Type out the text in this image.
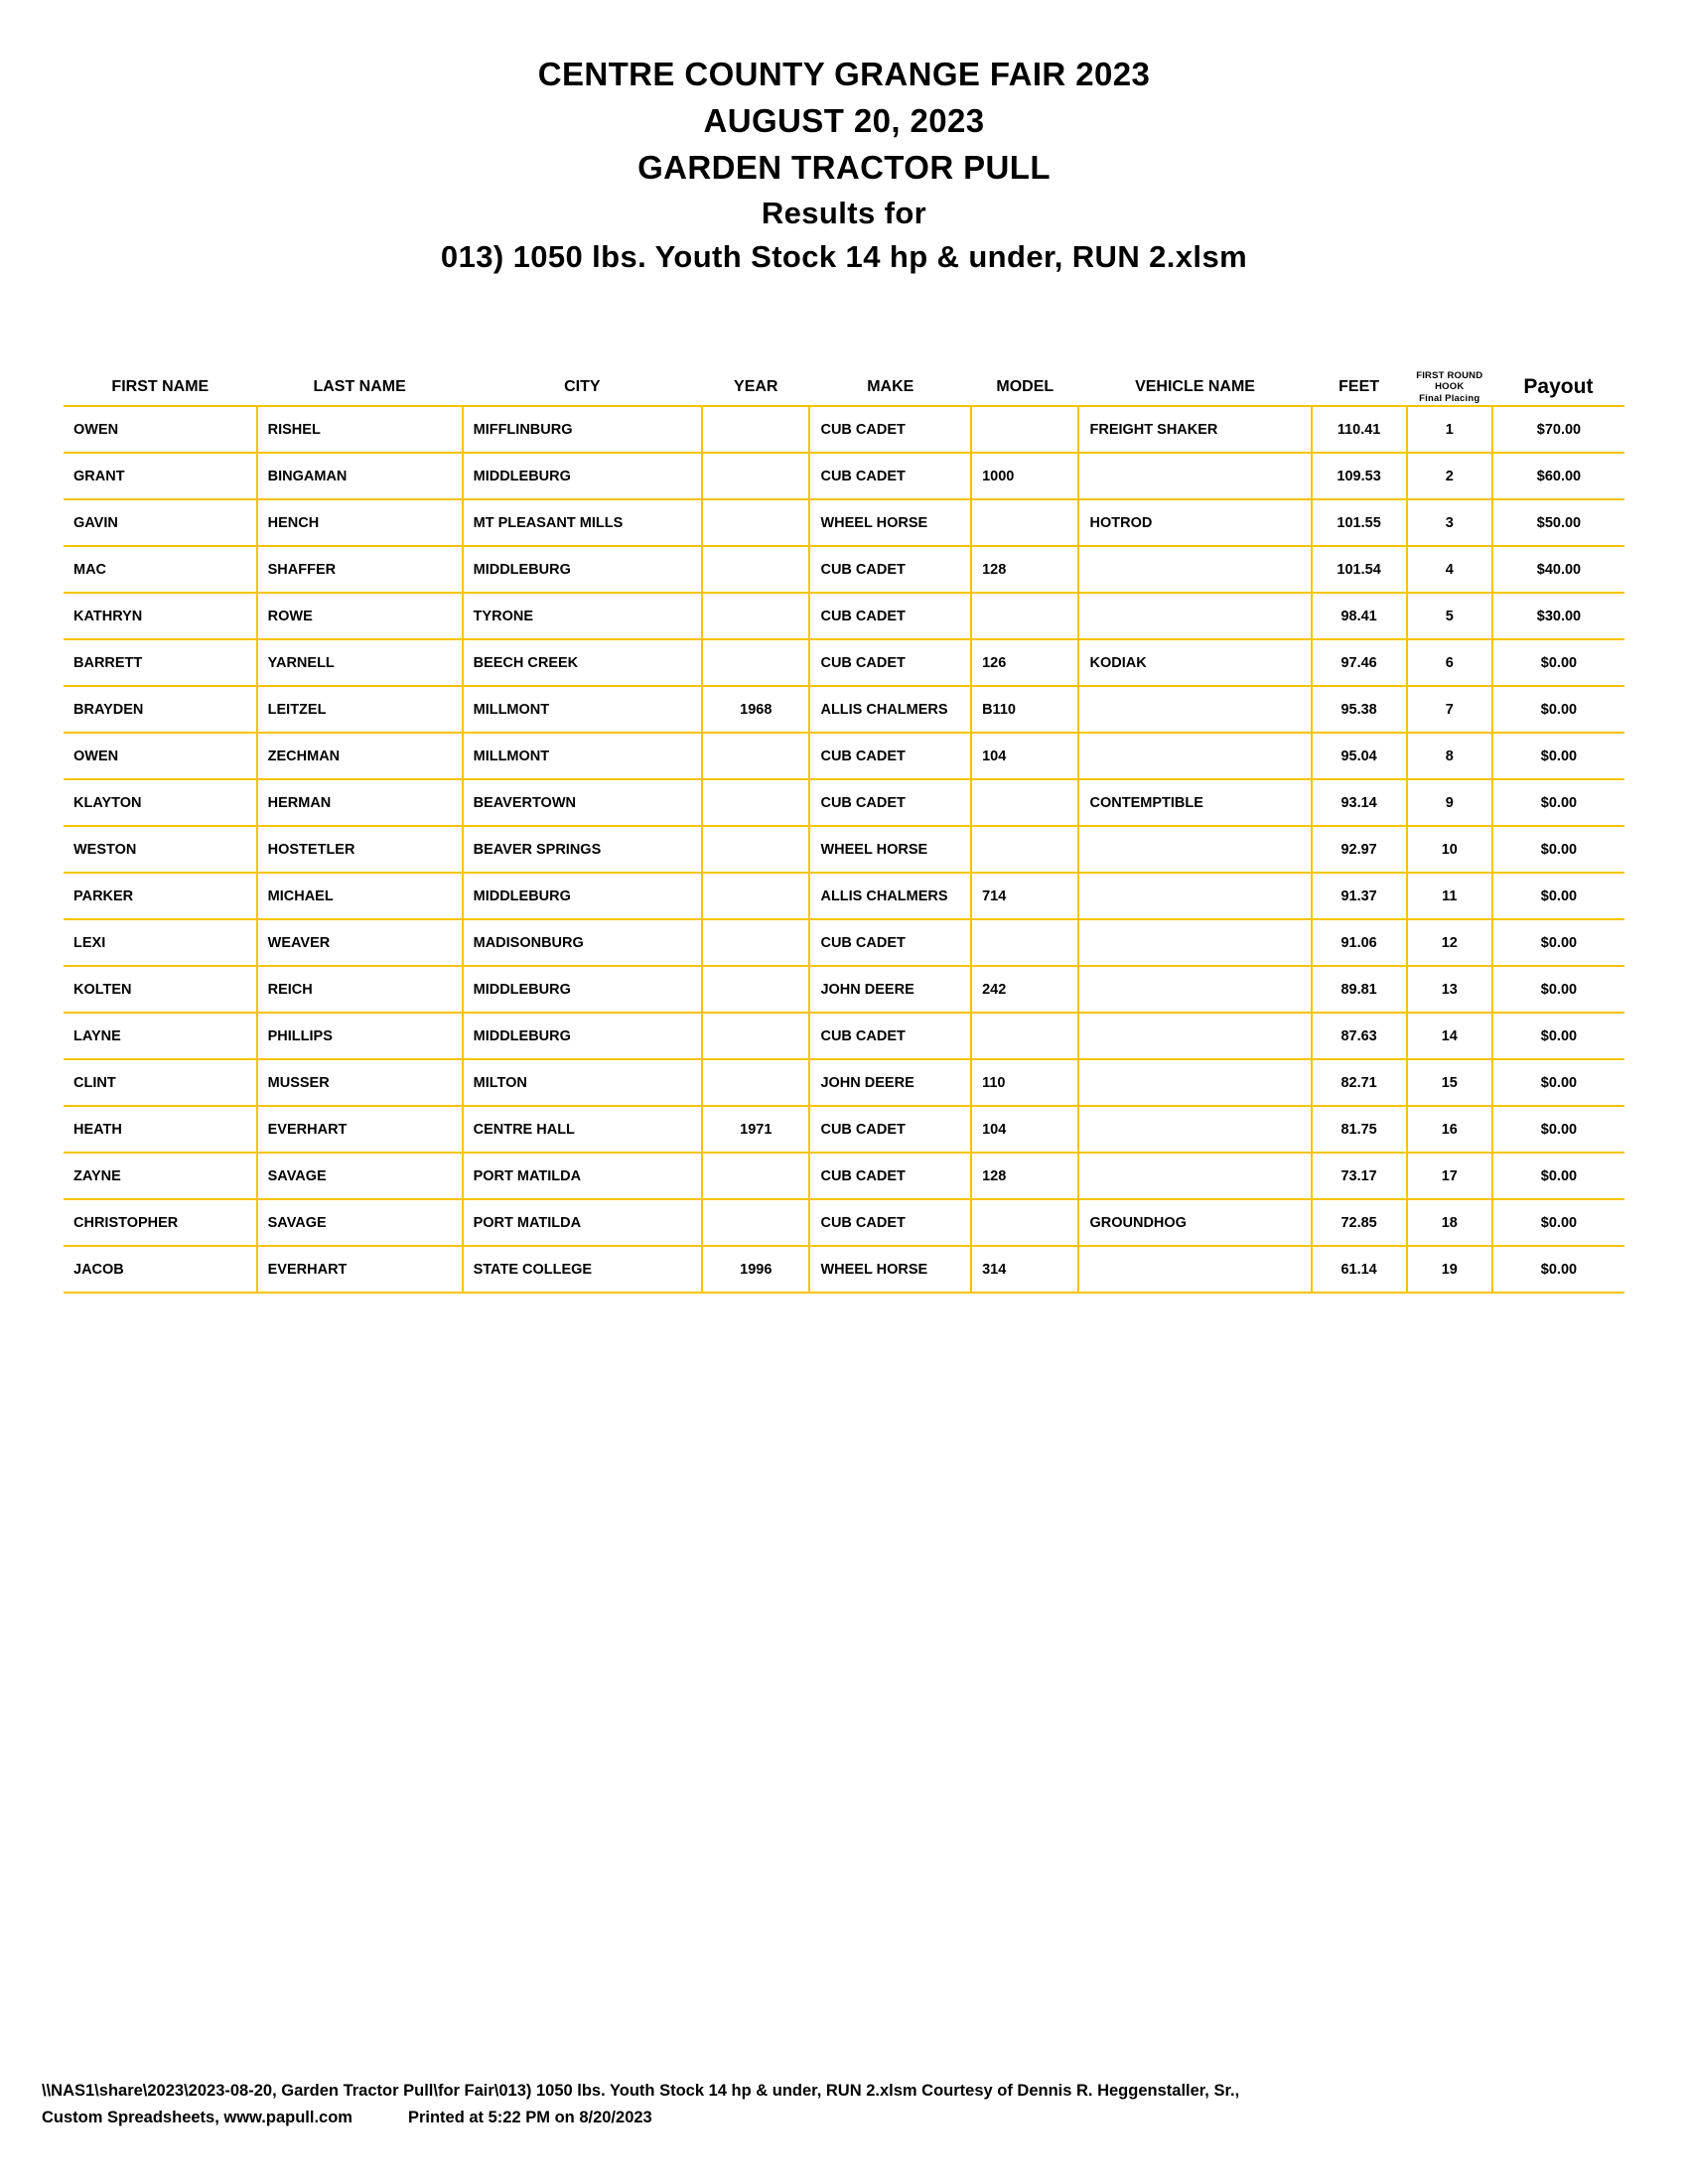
CENTRE COUNTY GRANGE FAIR 2023
AUGUST 20, 2023
GARDEN TRACTOR PULL
Results for
013) 1050 lbs. Youth Stock 14 hp & under, RUN 2.xlsm
FIRST NAME	LAST NAME	CITY	YEAR	MAKE	MODEL	VEHICLE NAME	FEET	FIRST ROUND
HOOK
Final Placing	Payout
OWEN	RISHEL	MIFFLINBURG		CUB CADET		FREIGHT SHAKER	110.41	1	$70.00
GRANT	BINGAMAN	MIDDLEBURG		CUB CADET	1000		109.53	2	$60.00
GAVIN	HENCH	MT PLEASANT MILLS		WHEEL HORSE		HOTROD	101.55	3	$50.00
MAC	SHAFFER	MIDDLEBURG		CUB CADET	128		101.54	4	$40.00
KATHRYN	ROWE	TYRONE		CUB CADET			98.41	5	$30.00
BARRETT	YARNELL	BEECH CREEK		CUB CADET	126	KODIAK	97.46	6	$0.00
BRAYDEN	LEITZEL	MILLMONT	1968	ALLIS CHALMERS	B110		95.38	7	$0.00
OWEN	ZECHMAN	MILLMONT		CUB CADET	104		95.04	8	$0.00
KLAYTON	HERMAN	BEAVERTOWN		CUB CADET		CONTEMPTIBLE	93.14	9	$0.00
WESTON	HOSTETLER	BEAVER SPRINGS		WHEEL HORSE			92.97	10	$0.00
PARKER	MICHAEL	MIDDLEBURG		ALLIS CHALMERS	714		91.37	11	$0.00
LEXI	WEAVER	MADISONBURG		CUB CADET			91.06	12	$0.00
KOLTEN	REICH	MIDDLEBURG		JOHN DEERE	242		89.81	13	$0.00
LAYNE	PHILLIPS	MIDDLEBURG		CUB CADET			87.63	14	$0.00
CLINT	MUSSER	MILTON		JOHN DEERE	110		82.71	15	$0.00
HEATH	EVERHART	CENTRE HALL	1971	CUB CADET	104		81.75	16	$0.00
ZAYNE	SAVAGE	PORT MATILDA		CUB CADET	128		73.17	17	$0.00
CHRISTOPHER	SAVAGE	PORT MATILDA		CUB CADET		GROUNDHOG	72.85	18	$0.00
JACOB	EVERHART	STATE COLLEGE	1996	WHEEL HORSE	314		61.14	19	$0.00
\\NAS1\share\2023\2023-08-20, Garden Tractor Pull\for Fair\013) 1050 lbs. Youth Stock 14 hp & under, RUN 2.xlsm Courtesy of Dennis R. Heggenstaller, Sr.,
Custom Spreadsheets, www.papull.com	Printed at 5:22 PM on 8/20/2023
